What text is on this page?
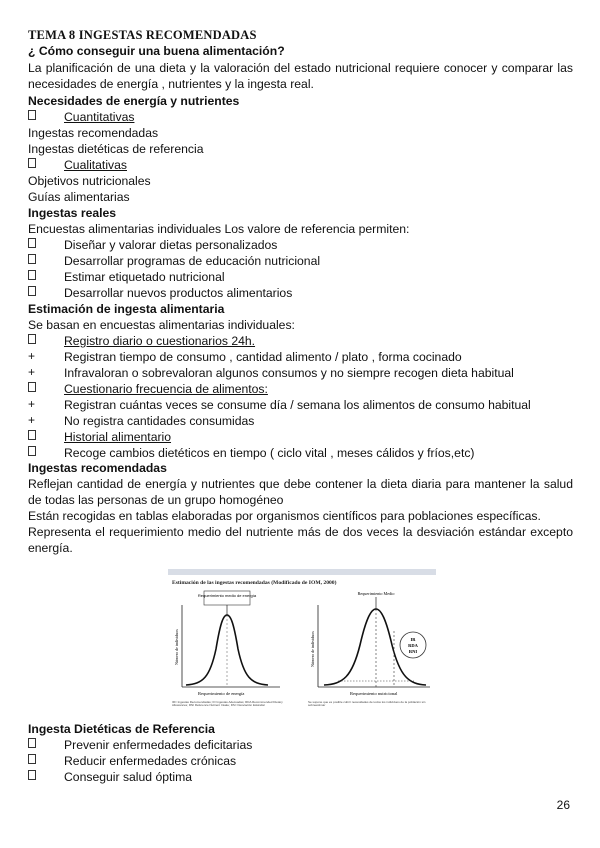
TEMA 8 INGESTAS RECOMENDADAS
¿ Cómo conseguir una buena alimentación?
La planificación de una dieta y la valoración del estado nutricional requiere conocer y comparar las necesidades de energía , nutrientes y la ingesta real.
Necesidades de energía y nutrientes
Cuantitativas
Ingestas recomendadas
Ingestas dietéticas de referencia
Cualitativas
Objetivos nutricionales
Guías alimentarias
Ingestas reales
Encuestas alimentarias individuales Los valore de referencia permiten:
Diseñar y valorar dietas personalizados
Desarrollar programas de educación nutricional
Estimar etiquetado nutricional
Desarrollar nuevos productos alimentarios
Estimación de ingesta alimentaria
Se basan en encuestas alimentarias individuales:
Registro diario o cuestionarios 24h.
+	Registran tiempo de consumo , cantidad alimento / plato , forma cocinado
+	Infravaloran o sobrevaloran algunos consumos y no siempre recogen dieta habitual
Cuestionario frecuencia de alimentos:
+	Registran cuántas veces se consume día / semana los alimentos de consumo habitual
+	No registra cantidades consumidas
Historial alimentario
Recoge cambios dietéticos en tiempo ( ciclo vital , meses cálidos y fríos,etc)
Ingestas recomendadas
Reflejan cantidad de energía y nutrientes que debe contener la dieta diaria para mantener la salud de todas las personas de un grupo homogéneo
Están recogidas en tablas elaboradas por organismos científicos para poblaciones específicas.
Representa el requerimiento medio del nutriente más de dos veces la desviación estándar excepto energía.
Estimación de las ingestas recomendadas (Modificado de IOM, 2000)
Requerimiento medio de energía
Número de individuos
Requerimiento de energía
IR= Ingestas Recomendadas; IO Ingestas Adecuadas; RDA Recommended Dietary Allowances; RNI Reference Nutrient Intake; DS= Desviación Estándar
Requerimiento Medio
IR
RDA
RNI
Número de individuos
Requerimiento nutricional
Se supone que es posible cubrir necesidades de todos los individuos de la población sin sobreestimar
Ingesta Dietéticas de Referencia
Prevenir enfermedades deficitarias
Reducir enfermedades crónicas
Conseguir salud óptima
26
